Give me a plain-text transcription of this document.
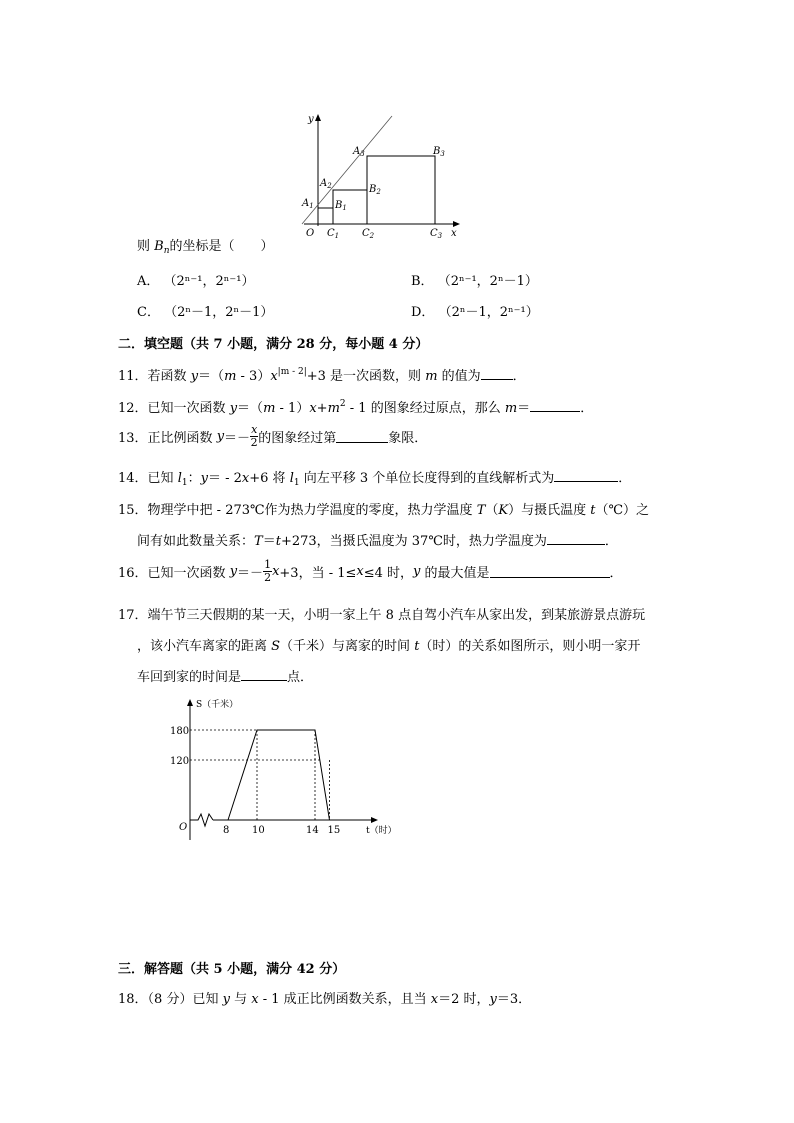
y
x
O
$A_1$
$A_2$
$A_3$
$B_1$
$B_2$
$B_3$
$C_1$ $C_2$	$C_3$
则 $B_n$的坐标是（　　）
A． （2ⁿ⁻¹，2ⁿ⁻¹）	B． （2ⁿ⁻¹，2ⁿ－1）
C． （2ⁿ－1，2ⁿ－1）	D． （2ⁿ－1，2ⁿ⁻¹）
二．填空题（共 7 小题，满分 28 分，每小题 4 分）
11．若函数 $y=(m - 3)x^{|m - 2|}+3$ 是一次函数，则 m 的值为 ．
12．已知一次函数 $y=(m - 1)x+m^2 - 1$ 的图象经过原点，那么 m＝	．
13．正比例函数 $y=- \frac{x}{2}$ 的图象经过第	象限．
14．已知 $l_1$：y＝ - 2x+6 将 $l_1$ 向左平移 3 个单位长度得到的直线解析式为	．
15．物理学中把 - 273℃作为热力学温度的零度，热力学温度 T（K）与摄氏温度 t（℃）之
间有如此数量关系：T＝t+273，当摄氏温度为 37℃时，热力学温度为	．
16．已知一次函数 $y=- \frac{1}{2} x+3$，当 - 1≤x≤4 时，y 的最大值是	．
17．端午节三天假期的某一天，小明一家上午 8 点自驾小汽车从家出发，到某旅游景点游玩
，该小汽车离家的距离 S（千米）与离家的时间 t（时）的关系如图所示，则小明一家开
车回到家的时间是	点．
S（千米）
t（时）
O
180
120
8 10	14 15
三．解答题（共 5 小题，满分 42 分）
18．（8 分）已知 y 与 x - 1 成正比例函数关系，且当 x＝2 时，y＝3．
